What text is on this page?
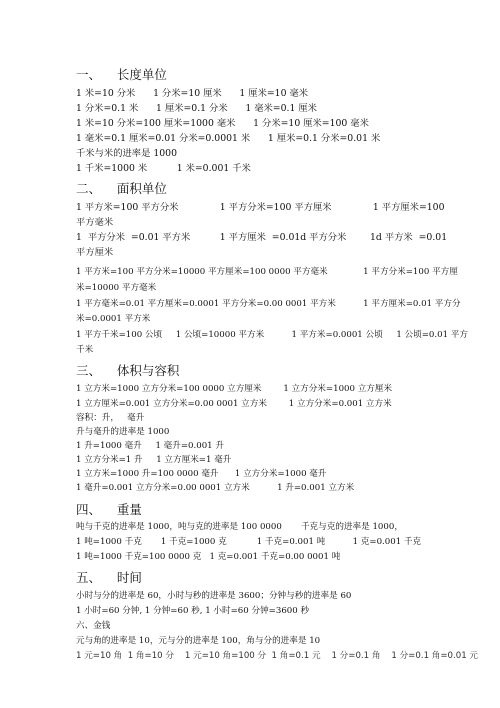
一、    长度单位
1 米=10 分米      1 分米=10 厘米      1 厘米=10 毫米
1 分米=0.1 米      1 厘米=0.1 分米      1 毫米=0.1 厘米
1 米=10 分米=100 厘米=1000 毫米      1 分米=10 厘米=100 毫米
1 毫米=0.1 厘米=0.01 分米=0.0001 米      1 厘米=0.1 分米=0.01 米
千米与米的进率是 1000
1 千米=1000 米          1 米=0.001 千米
二、    面积单位
1 平方米=100 平方分米              1 平方分米=100 平方厘米              1 平方厘米=100
平方毫米
1  平方分米  =0.01 平方米          1 平方厘米  =0.01d 平方分米        1d 平方米  =0.01
平方厘米
1 平方米=100 平方分米=10000 平方厘米=100 0000 平方毫米             1 平方分米=100 平方厘
米=10000 平方毫米
1 平方毫米=0.01 平方厘米=0.0001 平方分米=0.00 0001 平方米          1 平方厘米=0.01 平方分
米=0.0001 平方米
1 平方千米=100 公顷     1 公顷=10000 平方米          1 平方米=0.0001 公顷     1 公顷=0.01 平方
千米
三、    体积与容积
1 立方米=1000 立方分米=100 0000 立方厘米        1 立方分米=1000 立方厘米
1 立方厘米=0.001 立方分米=0.00 0001 立方米        1 立方分米=0.001 立方米
容积：升，   毫升
升与毫升的进率是 1000
1 升=1000 毫升     1 毫升=0.001 升
1 立方分米=1 升     1 立方厘米=1 毫升
1 立方米=1000 升=100 0000 毫升      1 立方分米=1000 毫升
1 毫升=0.001 立方分米=0.00 0001 立方米          1 升=0.001 立方米
四、    重量
吨与千克的进率是 1000，吨与克的进率是 100 0000       千克与克的进率是 1000，
1 吨=1000 千克       1 千克=1000 克           1 千克=0.001 吨          1 克=0.001 千克
1 吨=1000 千克=100 0000 克   1 克=0.001 千克=0.00 0001 吨
五、    时间
小时与分的进率是 60，小时与秒的进率是 3600；分钟与秒的进率是 60
1 小时=60 分钟, 1 分钟=60 秒, 1 小时=60 分钟=3600 秒
六、金钱
元与角的进率是 10，元与分的进率是 100，角与分的进率是 10
1 元=10 角  1 角=10 分    1 元=10 角=100 分  1 角=0.1 元    1 分=0.1 角    1 分=0.1 角=0.01 元
